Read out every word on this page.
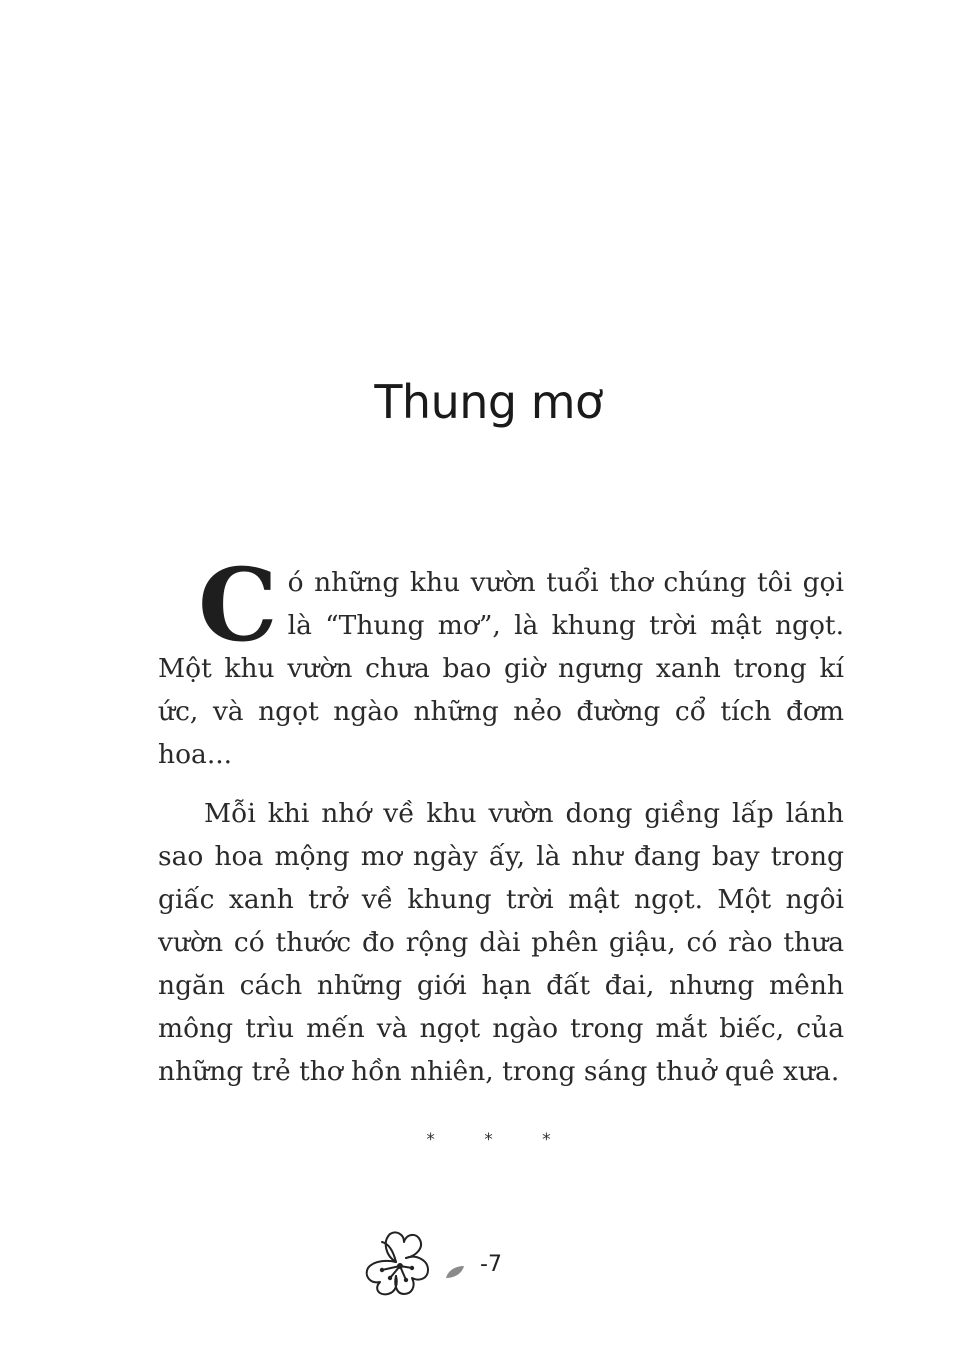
Thung mơ

Có những khu vườn tuổi thơ chúng tôi gọi là “Thung mơ”, là khung trời mật ngọt. Một khu vườn chưa bao giờ ngưng xanh trong kí ức, và ngọt ngào những nẻo đường cổ tích đơm hoa...

Mỗi khi nhớ về khu vườn dong giềng lấp lánh sao hoa mộng mơ ngày ấy, là như đang bay trong giấc xanh trở về khung trời mật ngọt. Một ngôi vườn có thước đo rộng dài phên giậu, có rào thưa ngăn cách những giới hạn đất đai, nhưng mênh mông trìu mến và ngọt ngào trong mắt biếc, của những trẻ thơ hồn nhiên, trong sáng thuở quê xưa.

* * *
-7
